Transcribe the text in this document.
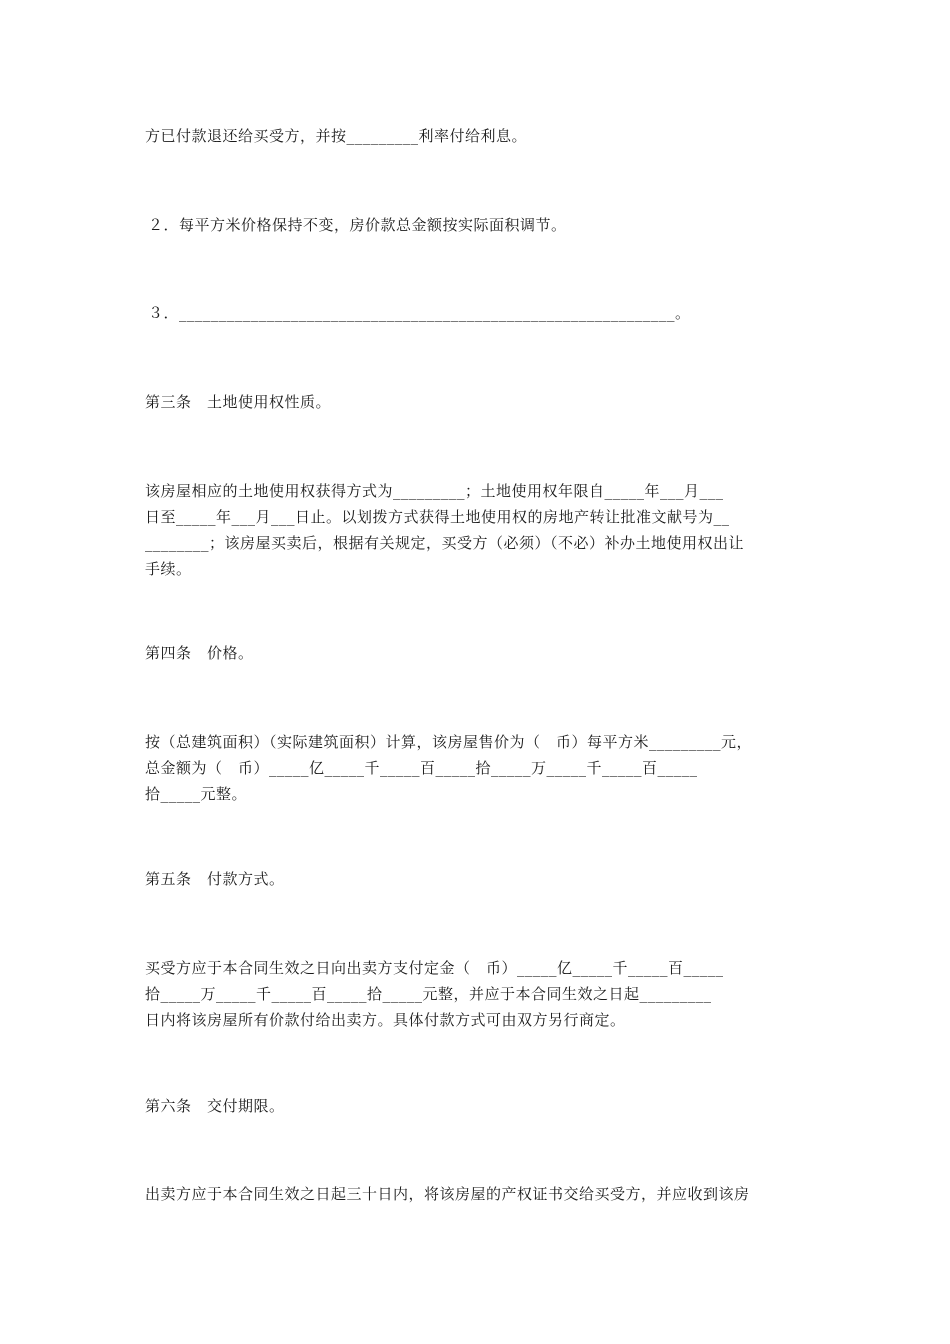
方已付款退还给买受方，并按_________利率付给利息。
２．每平方米价格保持不变，房价款总金额按实际面积调节。
３．______________________________________________________________。
第三条　土地使用权性质。
该房屋相应的土地使用权获得方式为_________；土地使用权年限自_____年___月___
日至_____年___月___日止。以划拨方式获得土地使用权的房地产转让批准文献号为__
________；该房屋买卖后，根据有关规定，买受方（必须）（不必）补办土地使用权出让
手续。
第四条　价格。
按（总建筑面积）（实际建筑面积）计算，该房屋售价为（　币）每平方米_________元，
总金额为（　币）_____亿_____千_____百_____拾_____万_____千_____百_____
拾_____元整。
第五条　付款方式。
买受方应于本合同生效之日向出卖方支付定金（　币）_____亿_____千_____百_____
拾_____万_____千_____百_____拾_____元整，并应于本合同生效之日起_________
日内将该房屋所有价款付给出卖方。具体付款方式可由双方另行商定。
第六条　交付期限。
出卖方应于本合同生效之日起三十日内，将该房屋的产权证书交给买受方，并应收到该房
